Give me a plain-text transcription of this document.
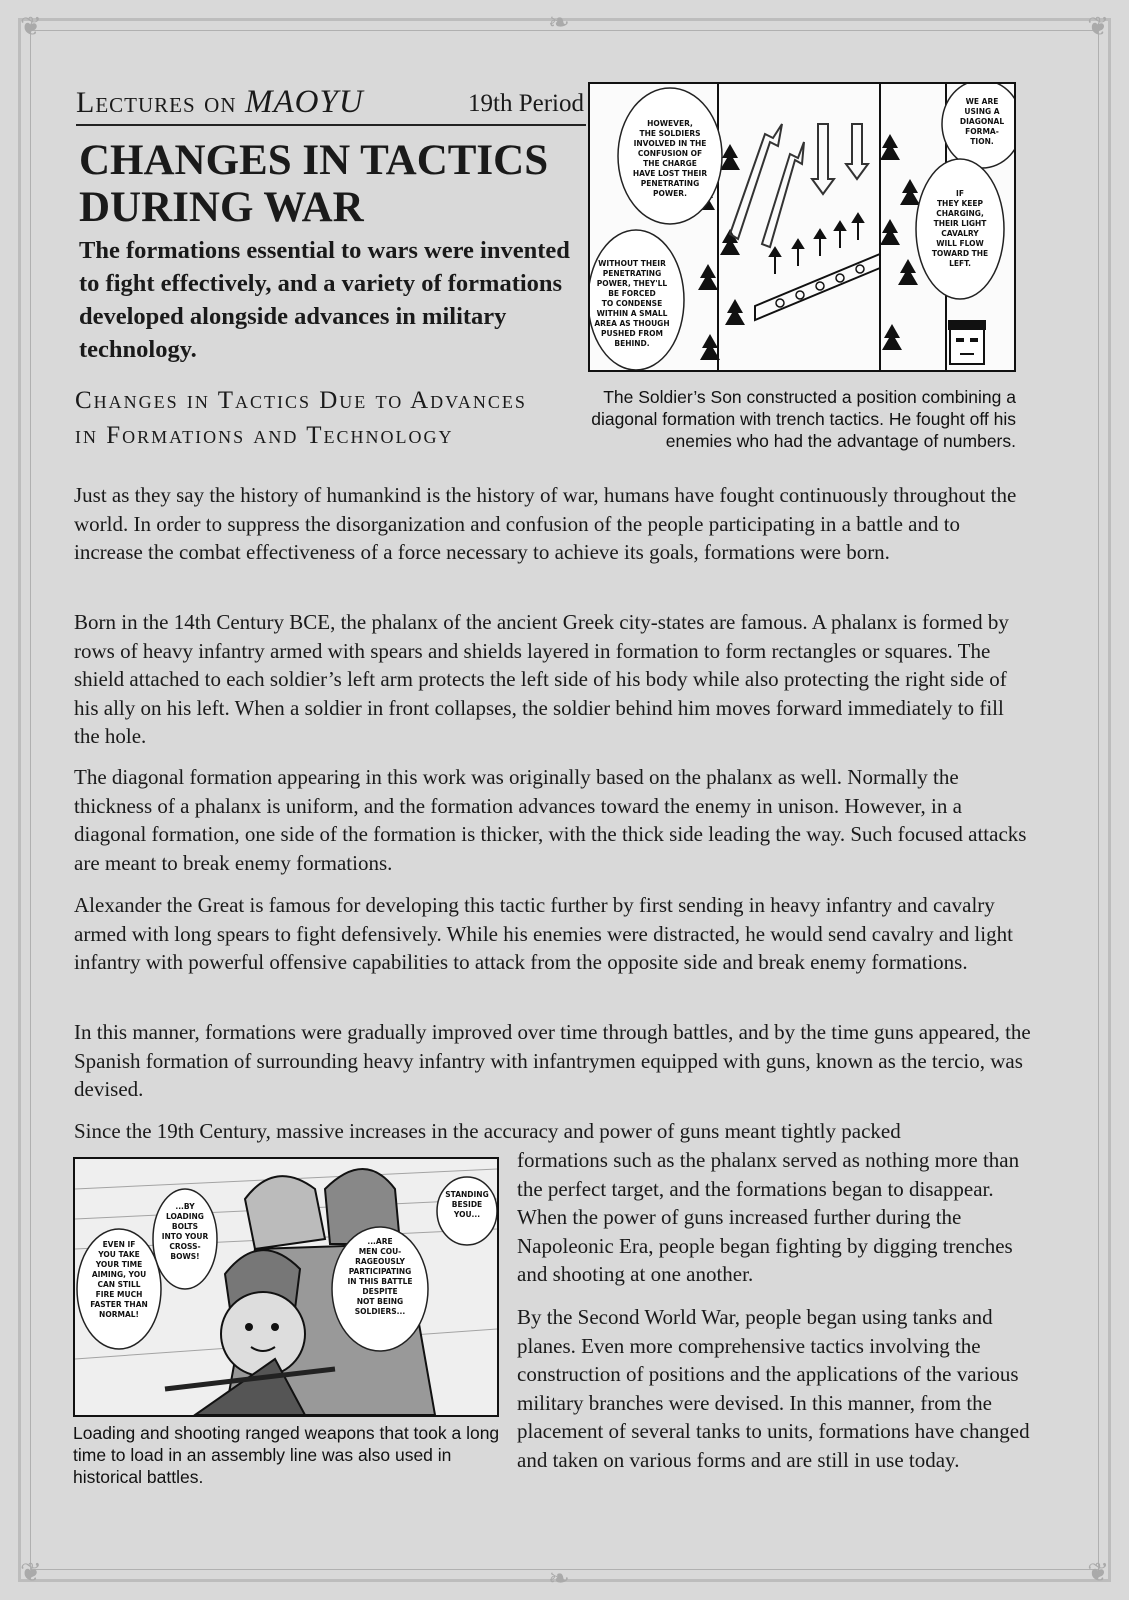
❦	❦
❦	❦
❧
❧
Lectures on MAOYU	19th Period
CHANGES IN TACTICS DURING WAR

The formations essential to wars were invented to fight effectively, and a variety of formations developed alongside advances in military technology.

Changes in Tactics Due to Advances in Formations and Technology
HOWEVER,
THE SOLDIERS
INVOLVED IN THE
CONFUSION OF
THE CHARGE
HAVE LOST THEIR
PENETRATING
POWER.
WITHOUT THEIR
PENETRATING
POWER, THEY'LL
BE FORCED
TO CONDENSE
WITHIN A SMALL
AREA AS THOUGH
PUSHED FROM
BEHIND.
WE ARE
USING A
DIAGONAL
FORMA-
TION.
IF
THEY KEEP
CHARGING,
THEIR LIGHT
CAVALRY
WILL FLOW
TOWARD THE
LEFT.
The Soldier’s Son constructed a position combining a diagonal formation with trench tactics. He fought off his enemies who had the advantage of numbers.

Just as they say the history of humankind is the history of war, humans have fought continuously throughout the world. In order to suppress the disorganization and confusion of the people participating in a battle and to increase the combat effectiveness of a force necessary to achieve its goals, formations were born.

Born in the 14th Century BCE, the phalanx of the ancient Greek city-states are famous. A phalanx is formed by rows of heavy infantry armed with spears and shields layered in formation to form rectangles or squares. The shield attached to each soldier’s left arm protects the left side of his body while also protecting the right side of his ally on his left. When a soldier in front collapses, the soldier behind him moves forward immediately to fill the hole.

The diagonal formation appearing in this work was originally based on the phalanx as well. Normally the thickness of a phalanx is uniform, and the formation advances toward the enemy in unison. However, in a diagonal formation, one side of the formation is thicker, with the thick side leading the way. Such focused attacks are meant to break enemy formations.

Alexander the Great is famous for developing this tactic further by first sending in heavy infantry and cavalry armed with long spears to fight defensively. While his enemies were distracted, he would send cavalry and light infantry with powerful offensive capabilities to attack from the opposite side and break enemy formations.

In this manner, formations were gradually improved over time through battles, and by the time guns appeared, the Spanish formation of surrounding heavy infantry with infantrymen equipped with guns, known as the tercio, was devised.

Since the 19th Century, massive increases in the accuracy and power of guns meant tightly packed

...BY
LOADING
BOLTS
INTO YOUR
CROSS-
BOWS!
EVEN IF
YOU TAKE
YOUR TIME
AIMING, YOU
CAN STILL
FIRE MUCH
FASTER THAN
NORMAL!
STANDING
BESIDE
YOU...
...ARE
MEN COU-
RAGEOUSLY
PARTICIPATING
IN THIS BATTLE
DESPITE
NOT BEING
SOLDIERS...
Loading and shooting ranged weapons that took a long time to load in an assembly line was also used in historical battles.

formations such as the phalanx served as nothing more than the perfect target, and the formations began to disappear. When the power of guns increased further during the Napoleonic Era, people began fighting by digging trenches and shooting at one another.

By the Second World War, people began using tanks and planes. Even more comprehensive tactics involving the construction of positions and the applications of the various military branches were devised. In this manner, from the placement of several tanks to units, formations have changed and taken on various forms and are still in use today.
